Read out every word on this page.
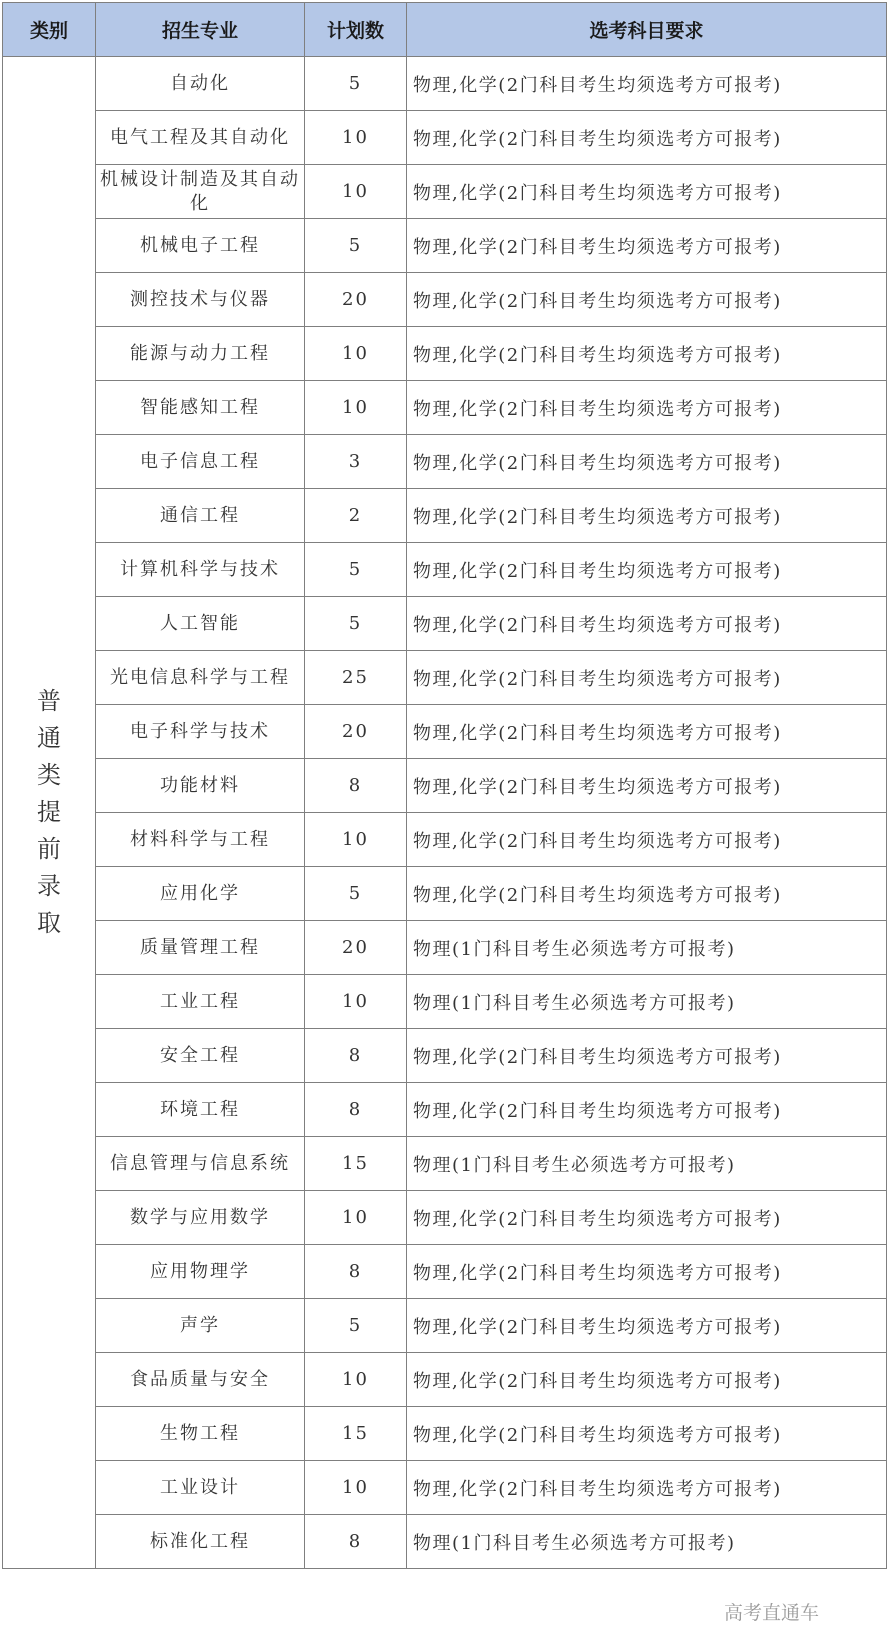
类别	招生专业	计划数	选考科目要求
普通类提前录取	自动化	5	物理,化学(2门科目考生均须选考方可报考)
	电气工程及其自动化	10	物理,化学(2门科目考生均须选考方可报考)
	机械设计制造及其自动化	10	物理,化学(2门科目考生均须选考方可报考)
	机械电子工程	5	物理,化学(2门科目考生均须选考方可报考)
	测控技术与仪器	20	物理,化学(2门科目考生均须选考方可报考)
	能源与动力工程	10	物理,化学(2门科目考生均须选考方可报考)
	智能感知工程	10	物理,化学(2门科目考生均须选考方可报考)
	电子信息工程	3	物理,化学(2门科目考生均须选考方可报考)
	通信工程	2	物理,化学(2门科目考生均须选考方可报考)
	计算机科学与技术	5	物理,化学(2门科目考生均须选考方可报考)
	人工智能	5	物理,化学(2门科目考生均须选考方可报考)
	光电信息科学与工程	25	物理,化学(2门科目考生均须选考方可报考)
	电子科学与技术	20	物理,化学(2门科目考生均须选考方可报考)
	功能材料	8	物理,化学(2门科目考生均须选考方可报考)
	材料科学与工程	10	物理,化学(2门科目考生均须选考方可报考)
	应用化学	5	物理,化学(2门科目考生均须选考方可报考)
	质量管理工程	20	物理(1门科目考生必须选考方可报考)
	工业工程	10	物理(1门科目考生必须选考方可报考)
	安全工程	8	物理,化学(2门科目考生均须选考方可报考)
	环境工程	8	物理,化学(2门科目考生均须选考方可报考)
	信息管理与信息系统	15	物理(1门科目考生必须选考方可报考)
	数学与应用数学	10	物理,化学(2门科目考生均须选考方可报考)
	应用物理学	8	物理,化学(2门科目考生均须选考方可报考)
	声学	5	物理,化学(2门科目考生均须选考方可报考)
	食品质量与安全	10	物理,化学(2门科目考生均须选考方可报考)
	生物工程	15	物理,化学(2门科目考生均须选考方可报考)
	工业设计	10	物理,化学(2门科目考生均须选考方可报考)
	标准化工程	8	物理(1门科目考生必须选考方可报考)
高考直通车
